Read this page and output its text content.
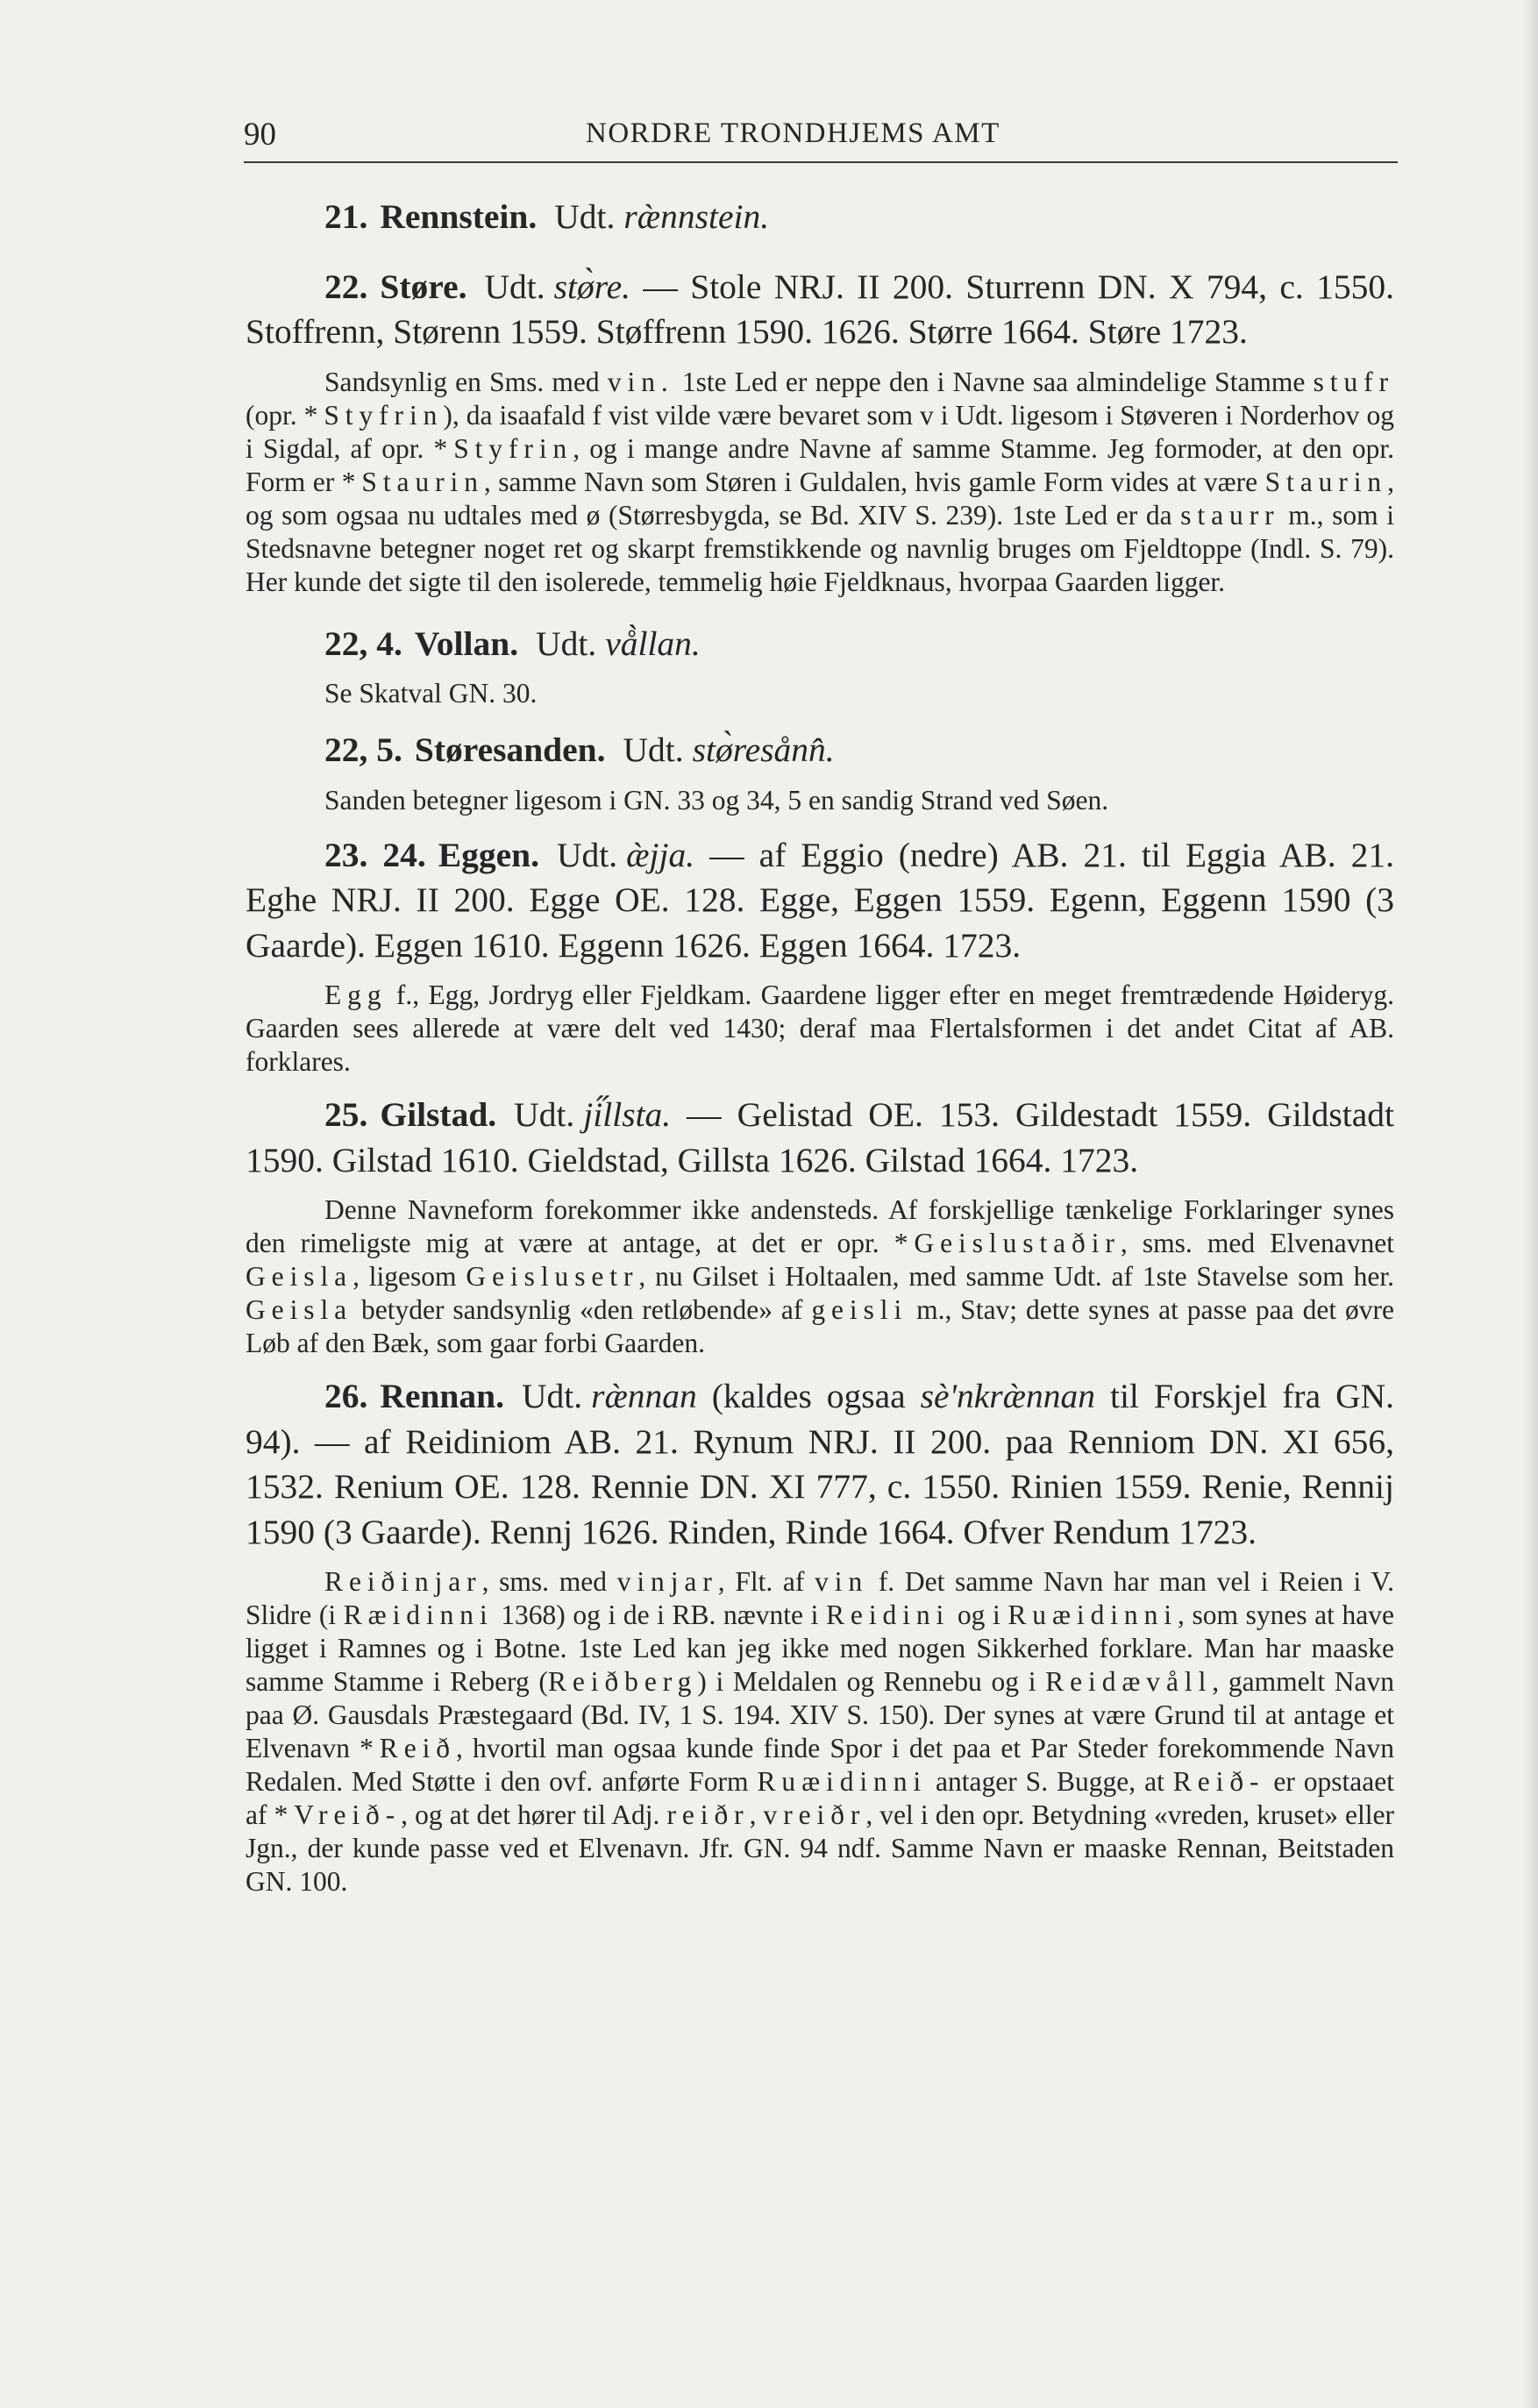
90	NORDRE TRONDHJEMS AMT

21. Rennstein. Udt. ræ̀nnstein.

22. Støre. Udt. stø̀re. — Stole NRJ. II 200. Sturrenn DN. X 794, c. 1550. Stoffrenn, Størenn 1559. Støffrenn 1590. 1626. Større 1664. Støre 1723.

Sandsynlig en Sms. med vin. 1ste Led er neppe den i Navne saa almindelige Stamme stufr (opr. *Styfrin), da isaafald f vist vilde være bevaret som v i Udt. ligesom i Støveren i Norderhov og i Sigdal, af opr. *Styfrin, og i mange andre Navne af samme Stamme. Jeg formoder, at den opr. Form er *Staurin, samme Navn som Støren i Guldalen, hvis gamle Form vides at være Staurin, og som ogsaa nu udtales med ø (Størresbygda, se Bd. XIV S. 239). 1ste Led er da staurr m., som i Stedsnavne betegner noget ret og skarpt fremstikkende og navnlig bruges om Fjeldtoppe (Indl. S. 79). Her kunde det sigte til den isolerede, temmelig høie Fjeldknaus, hvorpaa Gaarden ligger.

22, 4. Vollan. Udt. vå̀llan.

Se Skatval GN. 30.

22, 5. Støresanden. Udt. stø̀resånn̂.

Sanden betegner ligesom i GN. 33 og 34, 5 en sandig Strand ved Søen.

23. 24. Eggen. Udt. æ̀jja. — af Eggio (nedre) AB. 21. til Eggia AB. 21. Eghe NRJ. II 200. Egge OE. 128. Egge, Eggen 1559. Egenn, Eggenn 1590 (3 Gaarde). Eggen 1610. Eggenn 1626. Eggen 1664. 1723.

Egg f., Egg, Jordryg eller Fjeldkam. Gaardene ligger efter en meget fremtrædende Høideryg. Gaarden sees allerede at være delt ved 1430; deraf maa Flertalsformen i det andet Citat af AB. forklares.

25. Gilstad. Udt. ji̋llsta. — Gelistad OE. 153. Gildestadt 1559. Gildstadt 1590. Gilstad 1610. Gieldstad, Gillsta 1626. Gilstad 1664. 1723.

Denne Navneform forekommer ikke andensteds. Af forskjellige tænkelige Forklaringer synes den rimeligste mig at være at antage, at det er opr. *Geislustaðir, sms. med Elvenavnet Geisla, ligesom Geislusetr, nu Gilset i Holtaalen, med samme Udt. af 1ste Stavelse som her. Geisla betyder sandsynlig «den retløbende» af geisli m., Stav; dette synes at passe paa det øvre Løb af den Bæk, som gaar forbi Gaarden.

26. Rennan. Udt. ræ̀nnan (kaldes ogsaa sè'nkræ̀nnan til Forskjel fra GN. 94). — af Reidiniom AB. 21. Rynum NRJ. II 200. paa Renniom DN. XI 656, 1532. Renium OE. 128. Rennie DN. XI 777, c. 1550. Rinien 1559. Renie, Rennij 1590 (3 Gaarde). Rennj 1626. Rinden, Rinde 1664. Ofver Rendum 1723.

Reiðinjar, sms. med vinjar, Flt. af vin f. Det samme Navn har man vel i Reien i V. Slidre (i Ræidinni 1368) og i de i RB. nævnte i Reidini og i Ruæidinni, som synes at have ligget i Ramnes og i Botne. 1ste Led kan jeg ikke med nogen Sikkerhed forklare. Man har maaske samme Stamme i Reberg (Reiðberg) i Meldalen og Rennebu og i Reidævåll, gammelt Navn paa Ø. Gausdals Præstegaard (Bd. IV, 1 S. 194. XIV S. 150). Der synes at være Grund til at antage et Elvenavn *Reið, hvortil man ogsaa kunde finde Spor i det paa et Par Steder forekommende Navn Redalen. Med Støtte i den ovf. anførte Form Ruæidinni antager S. Bugge, at Reið- er opstaaet af *Vreið-, og at det hører til Adj. reiðr, vreiðr, vel i den opr. Betydning «vreden, kruset» eller Jgn., der kunde passe ved et Elvenavn. Jfr. GN. 94 ndf. Samme Navn er maaske Rennan, Beitstaden GN. 100.
